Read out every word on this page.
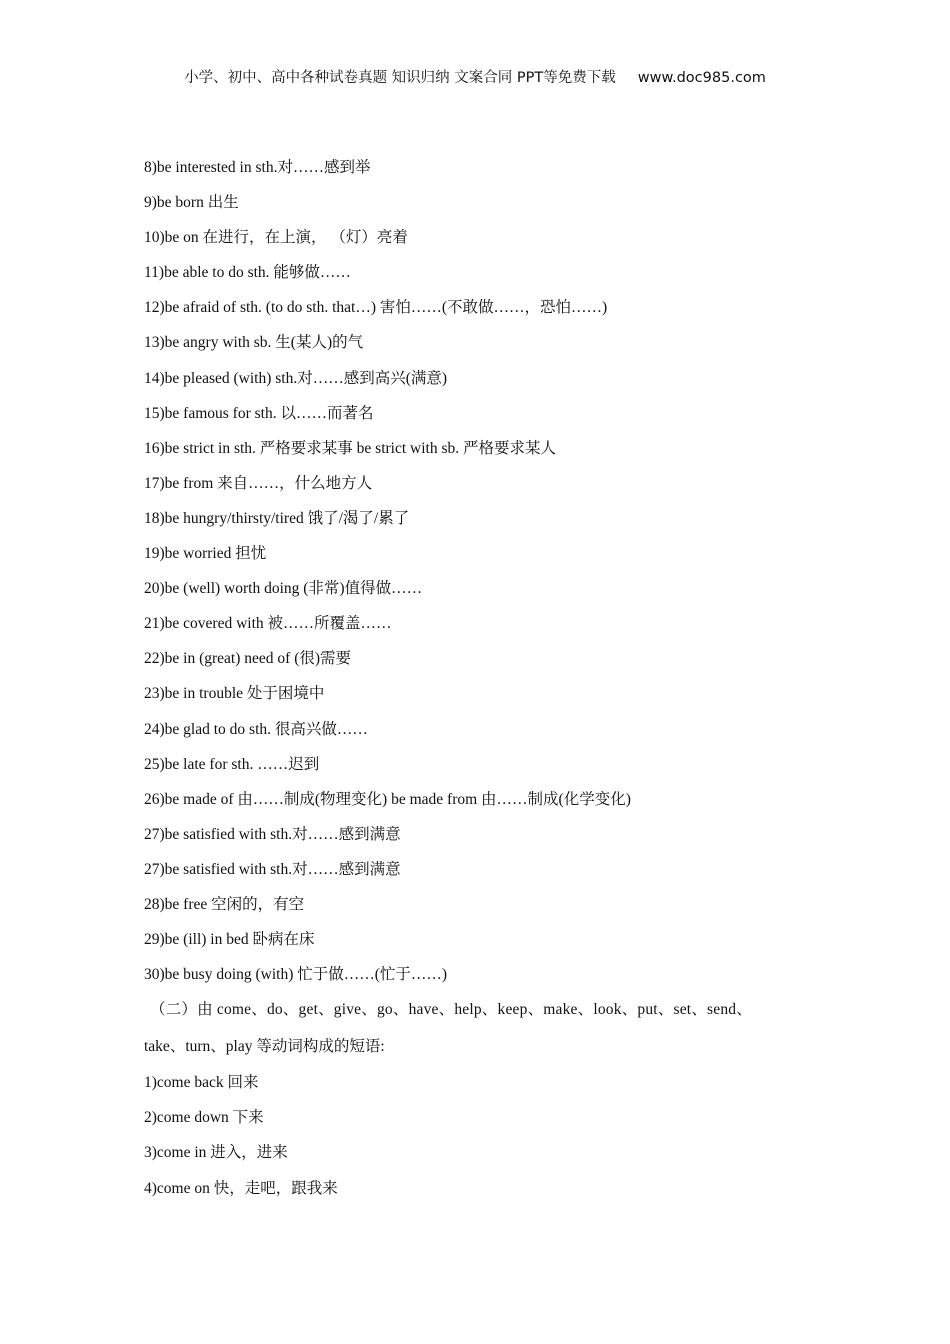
小学、初中、高中各种试卷真题 知识归纳 文案合同 PPT等免费下载 www.doc985.com
8)be interested in sth.对……感到举
9)be born 出生
10)be on 在进行，在上演， （灯）亮着
11)be able to do sth. 能够做……
12)be afraid of sth. (to do sth. that…) 害怕……(不敢做……，恐怕……)
13)be angry with sb. 生(某人)的气
14)be pleased (with) sth.对……感到高兴(满意)
15)be famous for sth. 以……而著名
16)be strict in sth. 严格要求某事 be strict with sb. 严格要求某人
17)be from 来自……，什么地方人
18)be hungry/thirsty/tired 饿了/渴了/累了
19)be worried 担忧
20)be (well) worth doing (非常)值得做……
21)be covered with 被……所覆盖……
22)be in (great) need of (很)需要
23)be in trouble 处于困境中
24)be glad to do sth. 很高兴做……
25)be late for sth. ……迟到
26)be made of 由……制成(物理变化) be made from 由……制成(化学变化)
27)be satisfied with sth.对……感到满意
27)be satisfied with sth.对……感到满意
28)be free 空闲的，有空
29)be (ill) in bed 卧病在床
30)be busy doing (with) 忙于做……(忙于……)
（二）由 come、do、get、give、go、have、help、keep、make、look、put、set、send、
take、turn、play 等动词构成的短语:
1)come back 回来
2)come down 下来
3)come in 进入，进来
4)come on 快，走吧，跟我来
